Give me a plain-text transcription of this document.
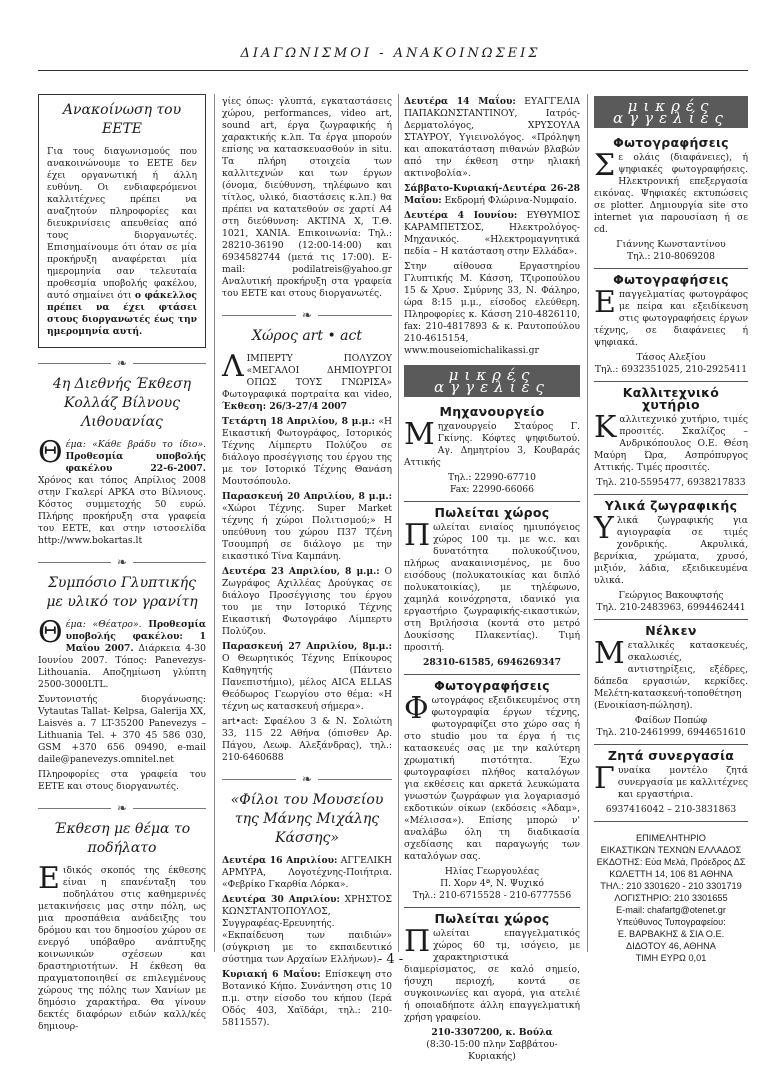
ΔΙΑΓΩΝΙΣΜΟΙ - ΑΝΑΚΟΙΝΩΣΕΙΣ
Ανακοίνωση του ΕΕΤΕ

Για τους διαγωνισμούς που ανακοινώνουμε το ΕΕΤΕ δεν έχει οργανωτική ή άλλη ευθύνη. Οι ενδιαφερόμενοι καλλιτέχνες πρέπει να αναζητούν πληροφορίες και διευκρινίσεις απευθείας από τους διοργανωτές. Επισημαίνουμε ότι όταν σε μία προκήρυξη αναφέρεται μία ημερομηνία σαν τελευταία προθεσμία υποβολής φακέλου, αυτό σημαίνει ότι ο φάκελλος πρέπει να έχει φτάσει στους διοργανωτές έως την ημερομηνία αυτή.

❧
4η Διεθνής Έκθεση Κολλάζ Βίλνους Λιθουανίας

Θέμα: «Κάθε βράδυ το ίδιο». Προθεσμία υποβολής φακέλου 22-6-2007. Χρόνος και τόπος Απρίλιος 2008 στην Γκαλερί ΑΡΚΑ στο Βίλνιους. Κόστος συμμετοχής 50 ευρώ. Πλήρης προκήρυξη στα γραφεία του ΕΕΤΕ, και στην ιστοσελίδα http://www.bokartas.lt

❧
Συμπόσιο Γλυπτικής με υλικό τον γρανίτη

Θέμα: «Θέατρο». Προθεσμία υποβολής φακέλου: 1 Μαΐου 2007. Διάρκεια 4-30 Ιουνίου 2007. Τόπος: Panevezys- Lithouania. Αποζημίωση γλύπτη 2500-3000LTL.

Συντονιστής διοργάνωσης: Vytautas Tallat- Kelpsa, Galerija XX, Laisvės a. 7 LT-35200 Panevezys – Lithuania Tel. + 370 45 586 030, GSM +370 656 09490, e-mail daile@panevezys.omnitel.net

Πληροφορίες στα γραφεία του ΕΕΤΕ και στους διοργανωτές.

❧
Έκθεση με θέμα το ποδήλατο

Ειδικός σκοπός της έκθεσης είναι η επανένταξη του ποδηλάτου στις καθημερινές μετακινήσεις μας στην πόλη, ως μια προσπάθεια ανάδειξης του δρόμου και του δημοσίου χώρου σε ενεργό υπόβαθρο ανάπτυξης κοινωνικών σχέσεων και δραστηριοτήτων. Η έκθεση θα πραγματοποιηθεί σε επιλεγμένους χώρους της πόλης των Χανίων με δημόσιο χαρακτήρα. Θα γίνουν δεκτές διαφόρων ειδών καλλ/κές δημιουρ-

γίες όπως: γλυπτά, εγκαταστάσεις χώρου, performances, video art, sound art, έργα ζωγραφικής ή χαρακτικής κ.λπ. Τα έργα μπορούν επίσης να κατασκευασθούν in situ. Τα πλήρη στοιχεία των καλλιτεχνών και των έργων (όνομα, διεύθυνση, τηλέφωνο και τίτλος, υλικό, διαστάσεις κ.λπ.) θα πρέπει να κατατεθούν σε χαρτί Α4 στη διεύθυνση: ΑΚΤΙΝΑ Χ, Τ.Θ. 1021, ΧΑΝΙΑ. Επικοινωνία: Τηλ.: 28210-36190 (12:00-14:00) και 6934582744 (μετά τις 17:00). E-mail: podilatreis@yahoo.gr Αναλυτική προκήρυξη στα γραφεία του ΕΕΤΕ και στους διοργανωτές.

❧
Χώρος art • act

ΛΙΜΠΕΡΤΥ ΠΟΛΥΖΟΥ «ΜΕΓΑΛΟΙ ΔΗΜΙΟΥΡΓΟΙ ΟΠΩΣ ΤΟΥΣ ΓΝΩΡΙΣΑ» Φωτογραφικά πορτραίτα και video, Έκθεση: 26/3-27/4 2007

Τετάρτη 18 Απριλίου, 8 μ.μ.: «Η Εικαστική Φωτογράφος, Ιστορικός Τέχνης Λίμπερτυ Πολύζου σε διάλογο προσέγγισης του έργου της με τον Ιστορικό Τέχνης Θανάση Μουτσόπουλο.

Παρασκευή 20 Απριλίου, 8 μ.μ.: «Χώροι Τέχνης. Super Market τέχνης ή χώροι Πολιτισμού;» Η υπεύθυνη του χώρου Π37 Τζένη Τσουμπρή σε διάλογο με την εικαστικό Τίνα Καμπάνη.

Δευτέρα 23 Απριλίου, 8 μ.μ.: Ο Ζωγράφος Αχιλλέας Δρούγκας σε διάλογο Προσέγγισης του έργου του με την Ιστορικό Τέχνης Εικαστική Φωτογράφο Λίμπερτυ Πολύζου.

Παρασκευή 27 Απριλίου, 8μ.μ.: Ο Θεωρητικός Τέχνης Επίκουρος Καθηγητής (Πάντειο Πανεπιστήμιο), μέλος AICA ELLAS Θεόδωρος Γεωργίου στο θέμα: «Η τέχνη ως κατασκευή σήμερα».

art•act: Σφαέλου 3 & Ν. Σολιώτη 33, 115 22 Αθήνα (όπισθεν Αρ. Πάγου, Λεωφ. Αλεξάνδρας), τηλ.: 210-6460688

❧
«Φίλοι του Μουσείου της Μάνης Μιχάλης Κάσσης»

Δευτέρα 16 Απριλίου: ΑΓΓΕΛΙΚΗ ΑΡΜΥΡΑ, Λογοτέχνης-Ποιήτρια. «Φεβρίκο Γκαρθία Λόρκα».

Δευτέρα 30 Απριλίου: ΧΡΗΣΤΟΣ ΚΩΝΣΤΑΝΤΟΠΟΥΛΟΣ, Συγγραφέας-Ερευνητής. «Εκπαίδευση των παιδιών» (σύγκριση με το εκπαιδευτικό σύστημα των Αρχαίων Ελλήνων).

Κυριακή 6 Μαΐου: Επίσκεψη στο Βοτανικό Κήπο. Συνάντηση στις 10 π.μ. στην είσοδο του κήπου (Ιερά Οδός 403, Χαϊδάρι, τηλ.: 210-5811557).

Δευτέρα 14 Μαΐου: ΕΥΑΓΓΕΛΙΑ ΠΑΠΑΚΩΝΣΤΑΝΤΙΝΟΥ, Ιατρός-Δερματολόγος, ΧΡΥΣΟΥΛΑ ΣΤΑΥΡΟΥ, Υγιεινολόγος. «Πρόληψη και αποκατάσταση πιθανών βλαβών από την έκθεση στην ηλιακή ακτινοβολία».

Σάββατο-Κυριακή-Δευτέρα 26-28 Μαΐου: Εκδρομή Φλώρινα-Νυμφαίο.

Δευτέρα 4 Ιουνίου: ΕΥΘΥΜΙΟΣ ΚΑΡΑΜΠΕΤΣΟΣ, Ηλεκτρολόγος-Μηχανικός. «Ηλεκτρομαγνητικά πεδία – Η κατάσταση στην Ελλάδα».

Στην αίθουσα Εργαστηρίου Γλυπτικής Μ. Κάσση, Τζιροπούλου 15 & Χρυσ. Σμύρνης 33, Ν. Φάληρο, ώρα 8:15 μ.μ., είσοδος ελεύθερη. Πληροφορίες κ. Κάσση 210-4826110, fax: 210-4817893 & κ. Ραυτοπούλου 210-4615154, www.mouseiomichalikassi.gr

μικρές αγγελίες
Μηχανουργείο

Μηχανουργείο Σταύρος Γ. Γκίνης. Κόφτες ψηφιδωτού. Αγ. Δημητρίου 3, Κουβαράς Αττικής

Τηλ.: 22990-67710
Fax: 22990-66066
Πωλείται χώρος

Πωλείται ενιαίος ημιυπόγειος χώρος 100 τμ. με w.c. και δυνατότητα πολυκούζινου, πλήρως ανακαινισμένος, με δυο εισόδους (πολυκατοικίας και διπλό πολυκατοικίας), με τηλέφωνο, χαμηλά κοινόχρηστα, ιδανικό για εργαστήριο ζωγραφικής-εικαστικών, στη Βριλήσσια (κοντά στο μετρό Δουκίσσης Πλακεντίας). Τιμή προσιτή.

28310-61585, 6946269347
Φωτογραφήσεις

Φωτογράφος εξειδικευμένος στη φωτογραφία έργων τέχνης, φωτογραφίζει στο χώρο σας ή στο studio μου τα έργα ή τις κατασκευές σας με την καλύτερη χρωματική πιστότητα. Έχω φωτογραφίσει πλήθος καταλόγων για εκθέσεις και αρκετά λευκώματα γνωστών ζωγράφων για λογαριασμό εκδοτικών οίκων (εκδόσεις «Άδαμ», «Μέλισσα»). Επίσης μπορώ ν' αναλάβω όλη τη διαδικασία σχεδίασης και παραγωγής των καταλόγων σας.

Ηλίας Γεωργουλέας
Π. Χορν 4ª, Ν. Ψυχικό
Τηλ.: 210-6715528 - 210-6777556
Πωλείται χώρος

Πωλείται επαγγελματικός χώρος 60 τμ, ισόγειο, με χαρακτηριστικά διαμερίσματος, σε καλό σημείο, ήσυχη περιοχή, κοντά σε συγκοινωνίες και αγορά, για ατελιέ ή οποιαδήποτε άλλη επαγγελματική χρήση γραφείου.

210-3307200, κ. Βούλα
(8:30-15:00 πλην Σαββάτου-Κυριακής)
μικρές αγγελίες
Φωτογραφήσεις

Σε ολάις (διαφάνειες), ή ψηφιακές φωτογραφήσεις. Ηλεκτρονική επεξεργασία εικόνας. Ψηφιακές εκτυπώσεις σε plotter. Δημιουργία site στο internet για παρουσίαση ή σε cd.

Γιάννης Κωνσταντίνου
Τηλ.: 210-8069208
Φωτογραφήσεις

Επαγγελματίας φωτογράφος με πείρα και εξειδίκευση στις φωτογραφήσεις έργων τέχνης, σε διαφάνειες ή ψηφιακά.

Τάσος Αλεξίου
Τηλ.: 6932351025, 210-2925411
Καλλιτεχνικό χυτήριο

Καλλιτεχνικό χυτήριο, τιμές προσιτές. Σκαλίζος – Ανδρικόπουλος Ο.Ε. Θέση Μαύρη Ώρα, Ασπρόπυργος Αττικής. Τιμές προσιτές.

Τηλ. 210-5595477, 6938217833
Υλικά ζωγραφικής

Υλικά ζωγραφικής για αγιογραφία σε τιμές χονδρικής. Ακρυλικά, βερνίκια, χρώματα, χρυσό, μιξιόν, λάδια, εξειδικευμένα υλικά.

Γεώργιος Βακουφτσής
Τηλ. 210-2483963, 6994462441
Νέλκεν

Μεταλλικές κατασκευές, σκαλωσιές, αντιστηρίξεις, εξέδρες, δάπεδα εργασιών, κερκίδες. Μελέτη-κατασκευή-τοποθέτηση (Ενοικίαση-πώληση).

Φαίδων Ποπώφ
Τηλ. 210-2461999, 6944651610
Ζητά συνεργασία

Γυναίκα μοντέλο ζητά συνεργασία με καλλιτέχνες και εργαστήρια.

6937416042 – 210-3831863
ΕΠΙΜΕΛΗΤΗΡΙΟ
ΕΙΚΑΣΤΙΚΩΝ ΤΕΧΝΩΝ ΕΛΛΑΔΟΣ
ΕΚΔΟΤΗΣ: Εύα Μελά, Πρόεδρος ΔΣ
ΚΩΛΕΤΤΗ 14, 106 81 ΑΘΗΝΑ
ΤΗΛ.: 210 3301620 - 210 3301719
ΛΟΓΙΣΤΗΡΙΟ: 210 3301655
E-mail: chafartg@otenet.gr
Υπεύθυνος Τυπογραφείου:
Ε. ΒΑΡΒΑΚΗΣ & ΣΙΑ Ο.Ε.
ΔΙΔΟΤΟΥ 46, ΑΘΗΝΑ
ΤΙΜΗ ΕΥΡΩ 0,01
- 4 -
